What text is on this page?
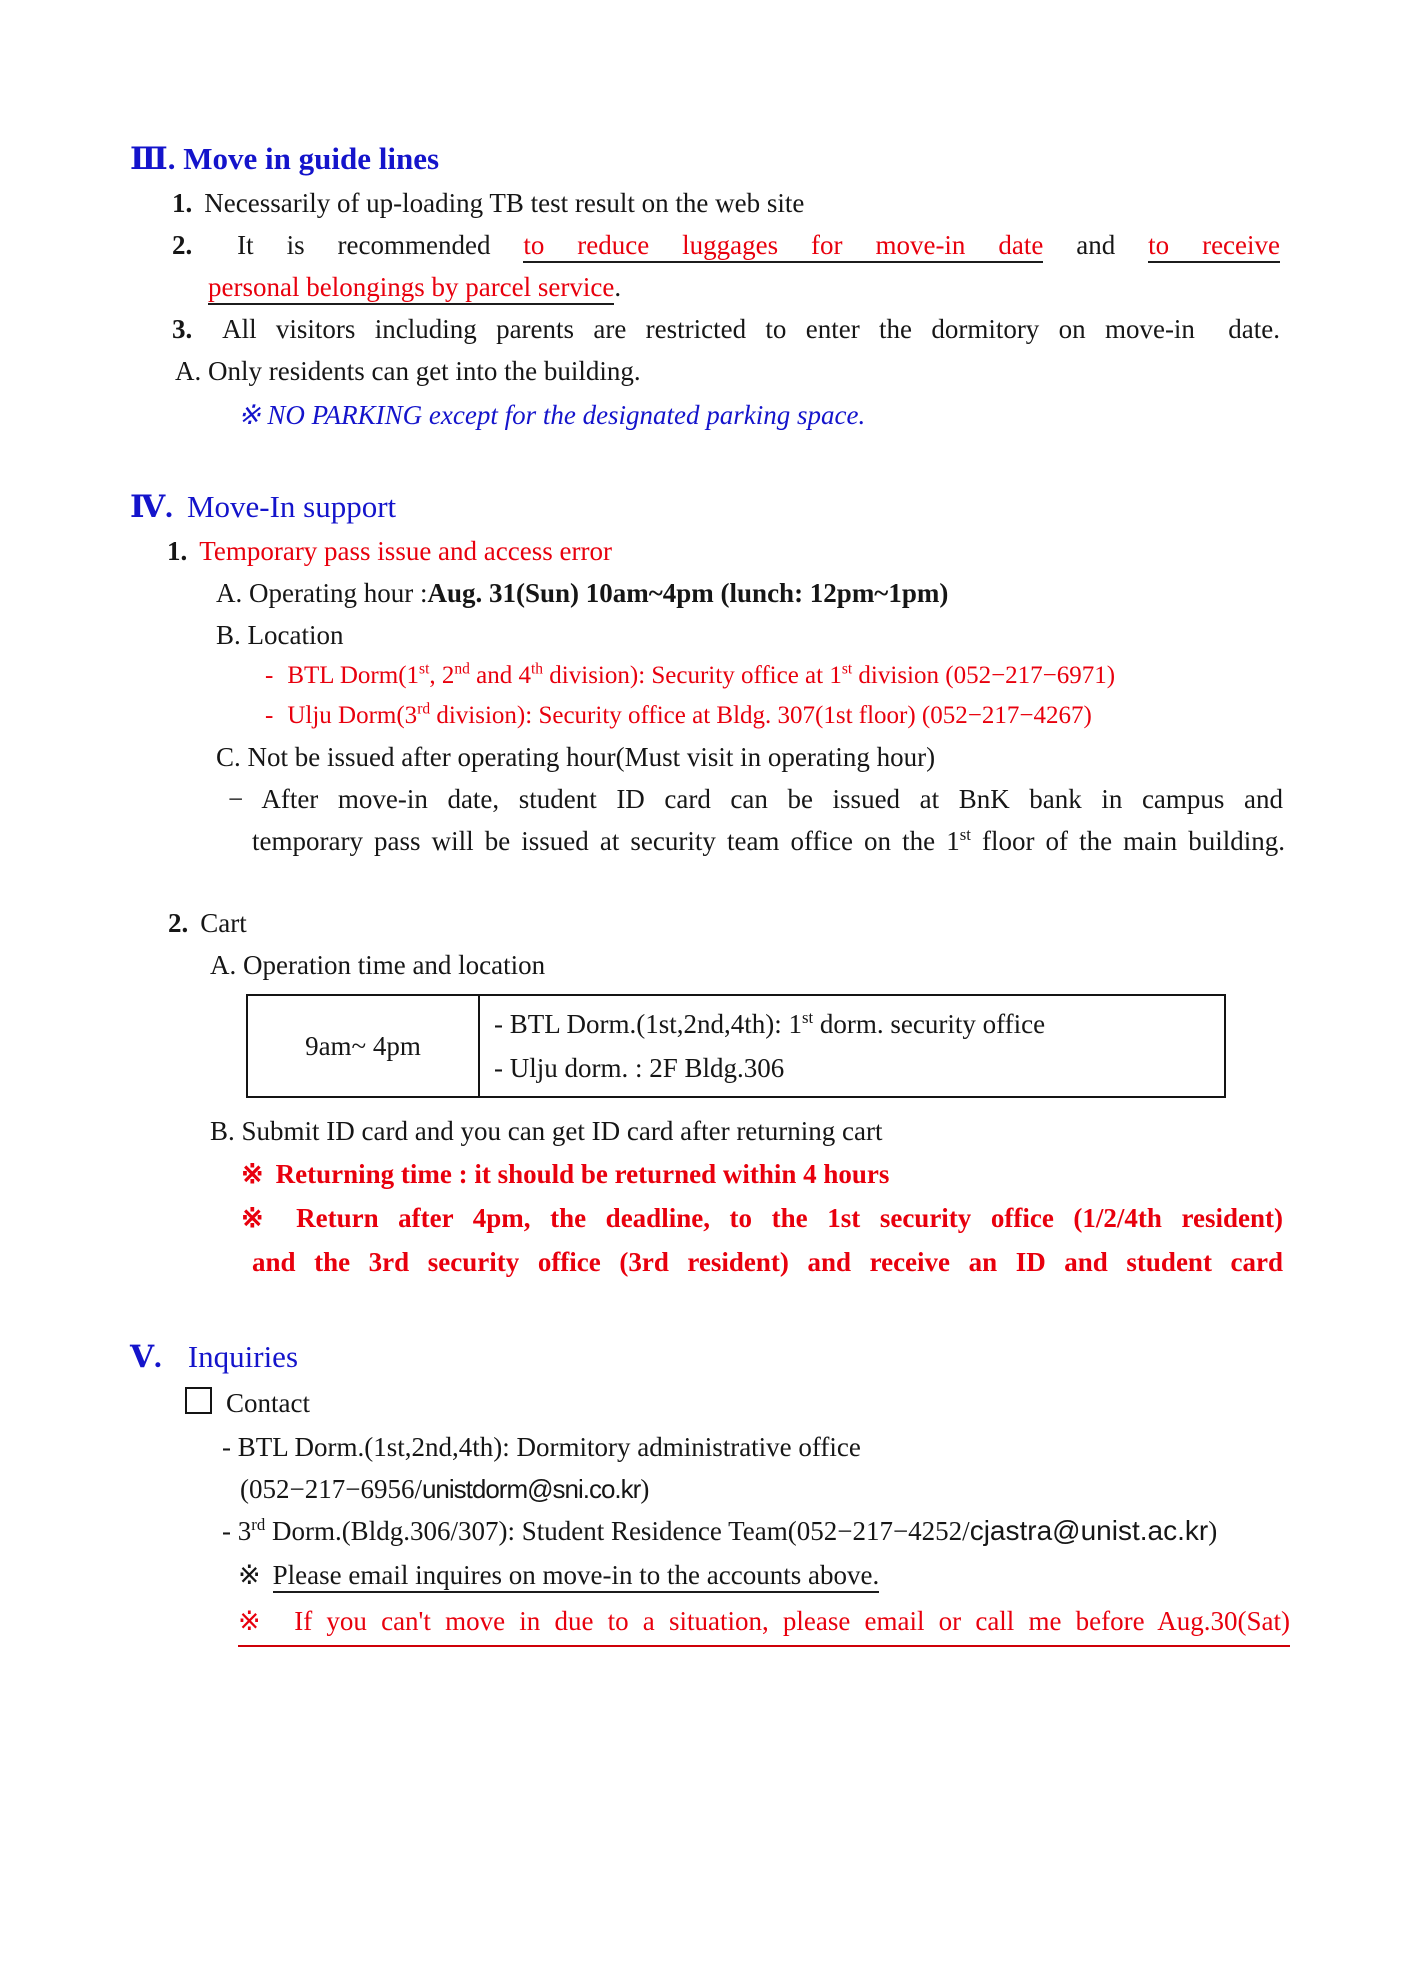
Ⅲ. Move in guide lines
1. Necessarily of up-loading TB test result on the web site
2. It is recommended to reduce luggages for move-in date and to receive
personal belongings by parcel service.
3. All visitors including parents are restricted to enter the dormitory on move-in date.
A. Only residents can get into the building.
※ NO PARKING except for the designated parking space.
Ⅳ. Move-In support
1. Temporary pass issue and access error
A. Operating hour :Aug. 31(Sun) 10am~4pm (lunch: 12pm~1pm)
B. Location
- BTL Dorm(1st, 2nd and 4th division): Security office at 1st division (052−217−6971)
- Ulju Dorm(3rd division): Security office at Bldg. 307(1st floor) (052−217−4267)
C. Not be issued after operating hour(Must visit in operating hour)
− After move-in date, student ID card can be issued at BnK bank in campus and
temporary pass will be issued at security team office on the 1st floor of the main building.
2. Cart
A. Operation time and location
9am~ 4pm	
- BTL Dorm.(1st,2nd,4th): 1st dorm. security office
- Ulju dorm. : 2F Bldg.306
B. Submit ID card and you can get ID card after returning cart
※ Returning time : it should be returned within 4 hours
※ Return after 4pm, the deadline, to the 1st security office (1/2/4th resident)
and the 3rd security office (3rd resident) and receive an ID and student card
Ⅴ. Inquiries
Contact
- BTL Dorm.(1st,2nd,4th): Dormitory administrative office
(052−217−6956/unistdorm@sni.co.kr)
- 3rd Dorm.(Bldg.306/307): Student Residence Team(052−217−4252/cjastra@unist.ac.kr)
※ Please email inquires on move-in to the accounts above.
※ If you can't move in due to a situation, please email or call me before Aug.30(Sat)
